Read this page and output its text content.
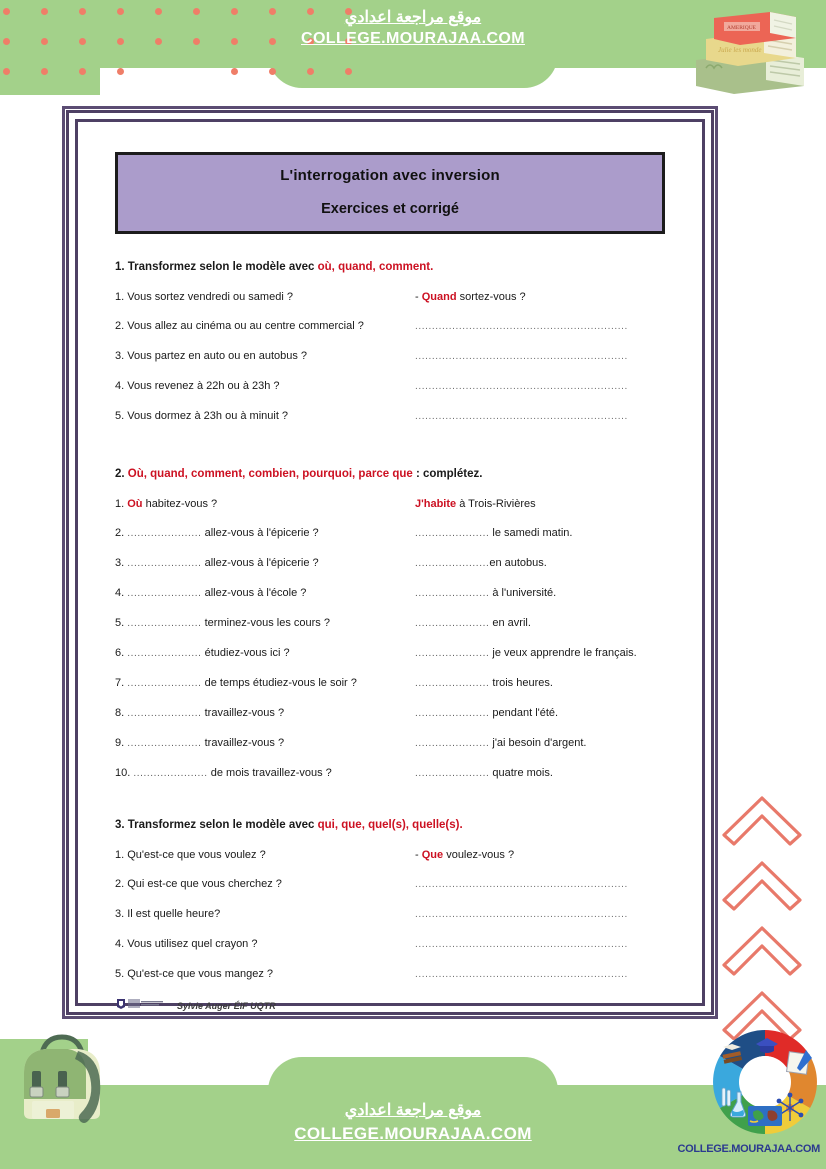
موقع مراجعة اعدادي
COLLEGE.MOURAJAA.COM
Julie les monde
AMERIQUE
L'interrogation avec inversion
Exercices et corrigé
1. Transformez selon le modèle avec où, quand, comment.
1. Vous sortez vendredi ou samedi ?	- Quand sortez-vous ?
2. Vous allez au cinéma ou au centre commercial ?	...............................................................
3. Vous partez en auto ou en autobus ?	...............................................................
4. Vous revenez à 22h ou à 23h ?	...............................................................
5. Vous dormez à 23h ou à minuit ?	...............................................................
2. Où, quand, comment, combien, pourquoi, parce que : complétez.
1. Où habitez-vous ?	J'habite à Trois-Rivières
2. ...................... allez-vous à l'épicerie ?	...................... le samedi matin.
3. ...................... allez-vous à l'épicerie ?	......................en autobus.
4. ...................... allez-vous à l'école ?	...................... à l'université.
5. ...................... terminez-vous les cours ?	...................... en avril.
6. ...................... étudiez-vous ici ?	...................... je veux apprendre le français.
7. ...................... de temps étudiez-vous le soir ?	...................... trois heures.
8. ...................... travaillez-vous ?	...................... pendant l'été.
9. ...................... travaillez-vous ?	...................... j'ai besoin d'argent.
10. ...................... de mois travaillez-vous ?	...................... quatre mois.
3. Transformez selon le modèle avec qui, que, quel(s), quelle(s).
1. Qu'est-ce que vous voulez ?	- Que voulez-vous ?
2. Qui est-ce que vous cherchez ?	...............................................................
3. Il est quelle heure?	...............................................................
4. Vous utilisez quel crayon ?	...............................................................
5. Qu'est-ce que vous mangez ?	...............................................................
Sylvie Auger ÉIF UQTR
موقع مراجعة اعدادي
COLLEGE.MOURAJAA.COM
COLLEGE.MOURAJAA.COM
